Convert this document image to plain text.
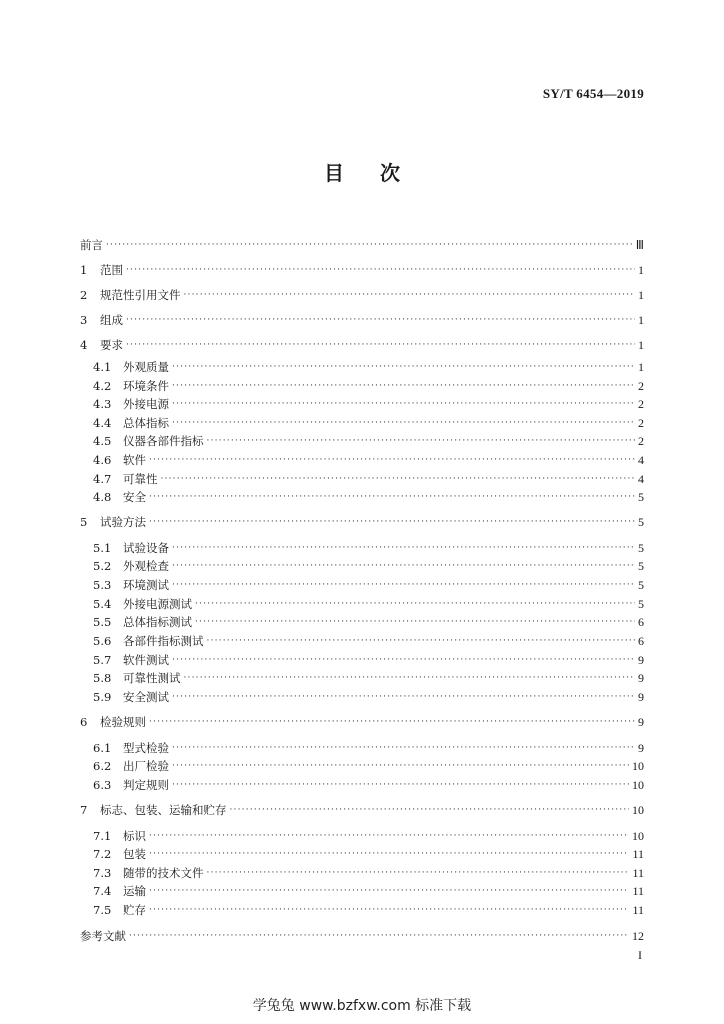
SY/T 6454—2019
目次
前言 ·····	Ⅲ
1	范围 ·····	1
2	规范性引用文件 ·····	1
3	组成 ·····	1
4	要求 ·····	1
4.1	外观质量 ·····	1
4.2	环境条件 ·····	2
4.3	外接电源 ·····	2
4.4	总体指标 ·····	2
4.5	仪器各部件指标 ·····	2
4.6	软件 ·····	4
4.7	可靠性 ·····	4
4.8	安全 ·····	5
5	试验方法 ·····	5
5.1	试验设备 ·····	5
5.2	外观检查 ·····	5
5.3	环境测试 ·····	5
5.4	外接电源测试 ·····	5
5.5	总体指标测试 ·····	6
5.6	各部件指标测试 ·····	6
5.7	软件测试 ·····	9
5.8	可靠性测试 ·····	9
5.9	安全测试 ·····	9
6	检验规则 ·····	9
6.1	型式检验 ·····	9
6.2	出厂检验 ·····	10
6.3	判定规则 ·····	10
7	标志、包装、运输和贮存 ·····	10
7.1	标识 ·····	10
7.2	包装 ·····	11
7.3	随带的技术文件 ·····	11
7.4	运输 ·····	11
7.5	贮存 ·····	11
参考文献 ·····	12
I
学兔兔 www.bzfxw.com 标准下载
